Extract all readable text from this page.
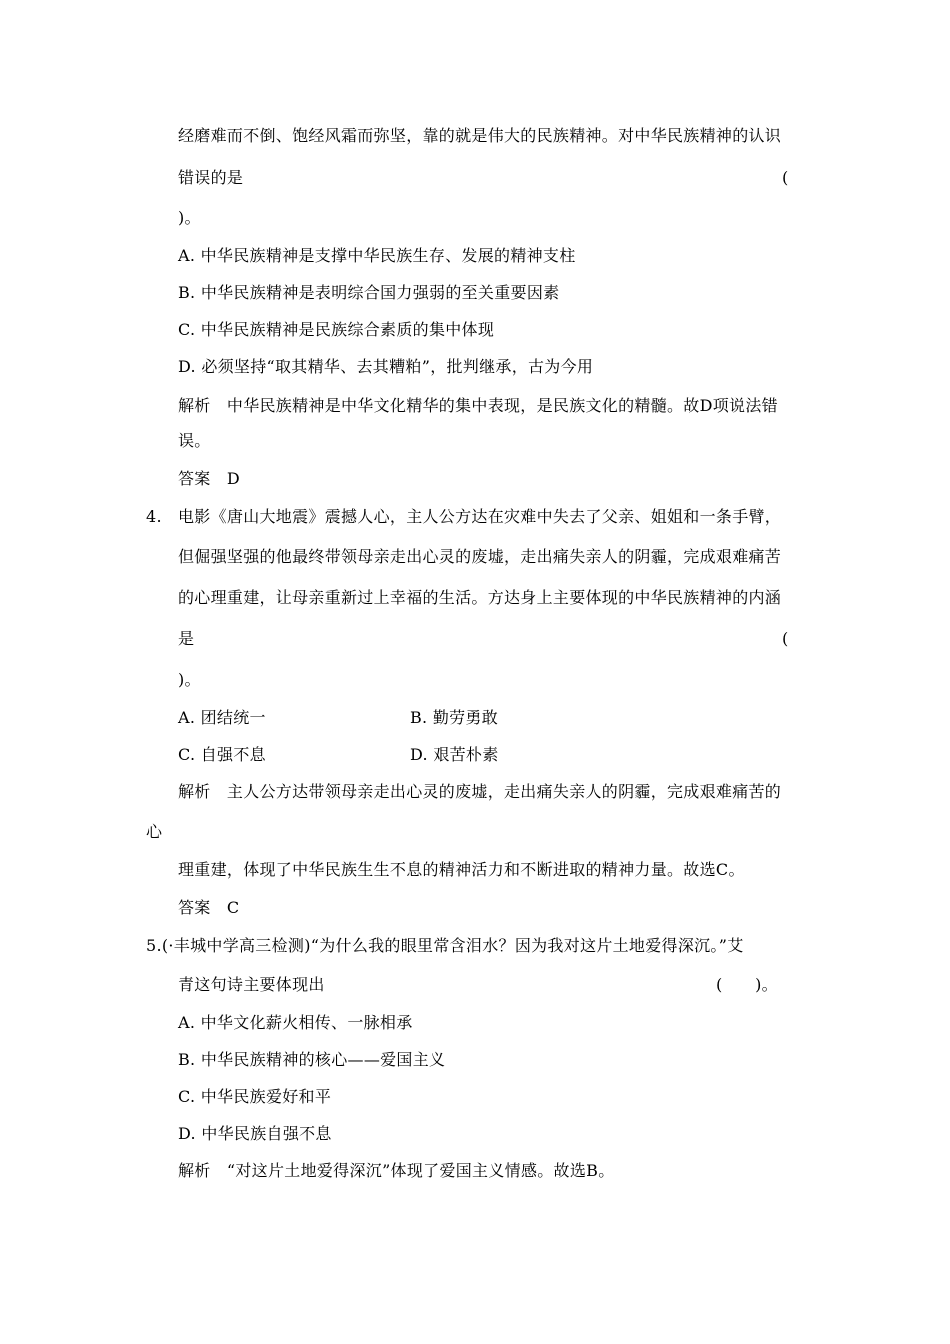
经磨难而不倒、饱经风霜而弥坚，靠的就是伟大的民族精神。对中华民族精神的认识
错误的是	(
)。
A. 中华民族精神是支撑中华民族生存、发展的精神支柱
B. 中华民族精神是表明综合国力强弱的至关重要因素
C. 中华民族精神是民族综合素质的集中体现
D. 必须坚持“取其精华、去其糟粕”，批判继承，古为今用
解析　中华民族精神是中华文化精华的集中表现，是民族文化的精髓。故D项说法错
误。
答案　D
4. 电影《唐山大地震》震撼人心，主人公方达在灾难中失去了父亲、姐姐和一条手臂，
但倔强坚强的他最终带领母亲走出心灵的废墟，走出痛失亲人的阴霾，完成艰难痛苦
的心理重建，让母亲重新过上幸福的生活。方达身上主要体现的中华民族精神的内涵
是	(
)。
A. 团结统一	B. 勤劳勇敢
C. 自强不息	D. 艰苦朴素
解析　主人公方达带领母亲走出心灵的废墟，走出痛失亲人的阴霾，完成艰难痛苦的
心
理重建，体现了中华民族生生不息的精神活力和不断进取的精神力量。故选C。
答案　C
5.(·丰城中学高三检测)“为什么我的眼里常含泪水？因为我对这片土地爱得深沉。”艾
青这句诗主要体现出	(　　)。
A. 中华文化薪火相传、一脉相承
B. 中华民族精神的核心——爱国主义
C. 中华民族爱好和平
D. 中华民族自强不息
解析　“对这片土地爱得深沉”体现了爱国主义情感。故选B。
